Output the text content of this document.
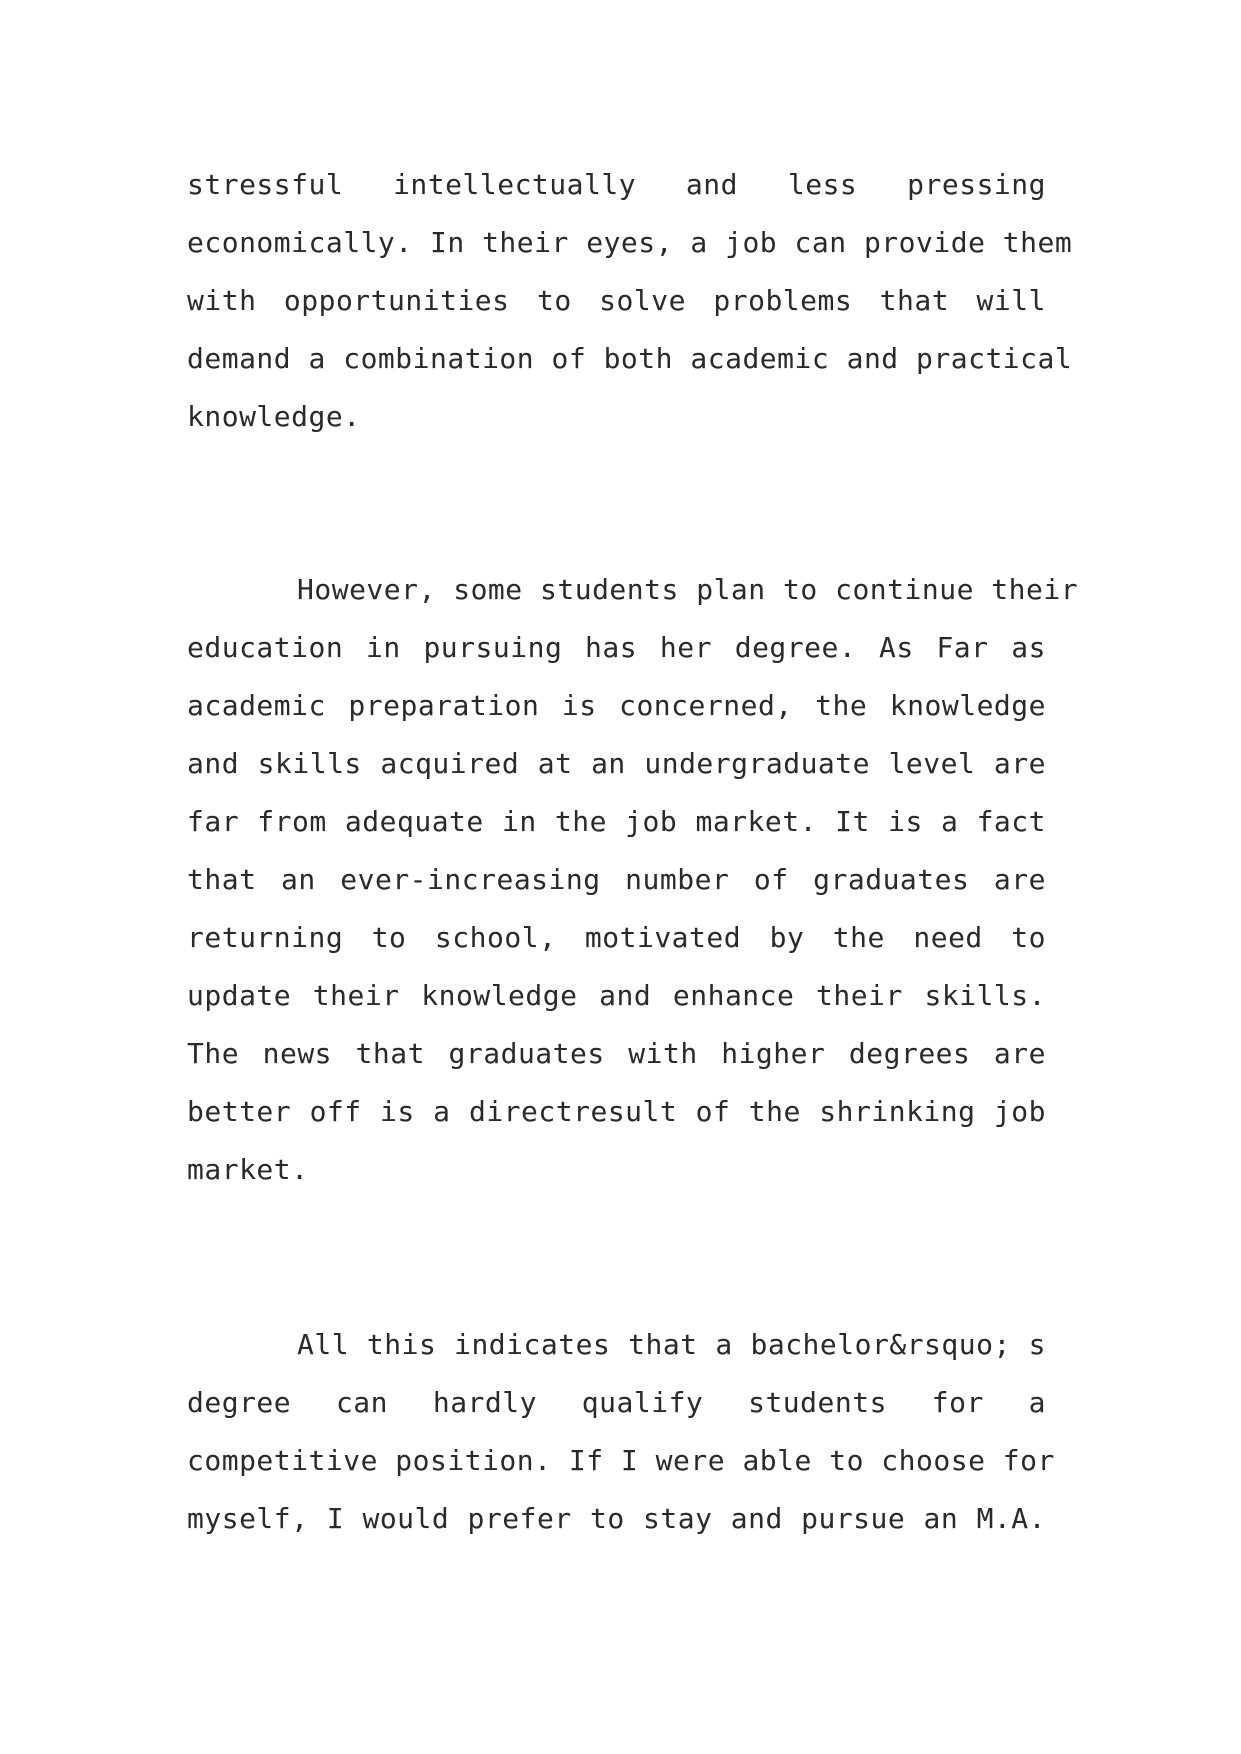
stressful intellectually and less pressing
economically. In their eyes, a job can provide them
with opportunities to solve problems that will
demand a combination of both academic and practical
knowledge.
However, some students plan to continue their
education in pursuing has her degree. As Far as
academic preparation is concerned, the knowledge
and skills acquired at an undergraduate level are
far from adequate in the job market. It is a fact
that an ever-increasing number of graduates are
returning to school, motivated by the need to
update their knowledge and enhance their skills.
The news that graduates with higher degrees are
better off is a directresult of the shrinking job
market.
All this indicates that a bachelor&rsquo; s
degree can hardly qualify students for a
competitive position. If I were able to choose for
myself, I would prefer to stay and pursue an M.A.
